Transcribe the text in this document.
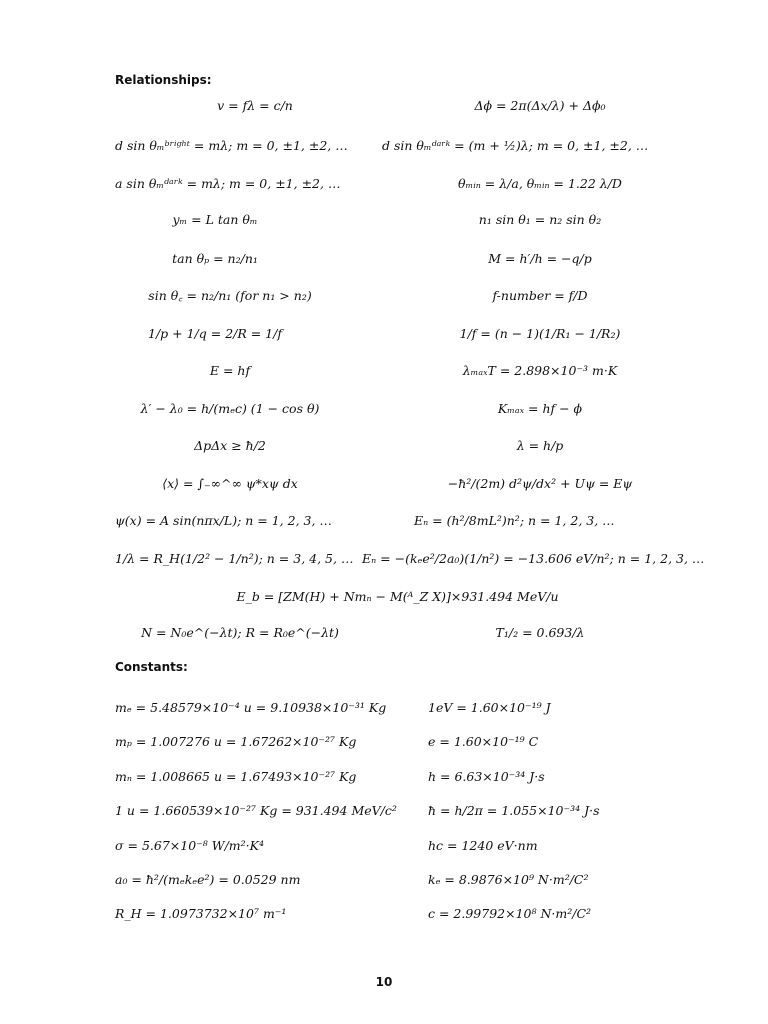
Relationships:
v = fλ = c/n	Δϕ = 2π(Δx/λ) + Δϕ₀
d sin θₘᵇʳⁱᵍʰᵗ = mλ; m = 0, ±1, ±2, …	d sin θₘᵈᵃʳᵏ = (m + ½)λ; m = 0, ±1, ±2, …
a sin θₘᵈᵃʳᵏ = mλ; m = 0, ±1, ±2, …	θₘᵢₙ = λ/a, θₘᵢₙ = 1.22 λ/D
yₘ = L tan θₘ	n₁ sin θ₁ = n₂ sin θ₂
tan θₚ = n₂/n₁	M = h′/h = −q/p
sin θ꜀ = n₂/n₁ (for n₁ > n₂)	f-number = f/D
1/p + 1/q = 2/R = 1/f	1/f = (n − 1)(1/R₁ − 1/R₂)
E = hf	λₘₐₓT = 2.898×10⁻³ m·K
λ′ − λ₀ = h/(mₑc) (1 − cos θ)	Kₘₐₓ = hf − ϕ
ΔpΔx ≥ ħ/2	λ = h/p
⟨x⟩ = ∫₋∞^∞ ψ*xψ dx	−ħ²/(2m) d²ψ/dx² + Uψ = Eψ
ψ(x) = A sin(nπx/L); n = 1, 2, 3, …	Eₙ = (h²/8mL²)n²; n = 1, 2, 3, …
1/λ = R_H(1/2² − 1/n²); n = 3, 4, 5, … Eₙ = −(kₑe²/2a₀)(1/n²) = −13.606 eV/n²; n = 1, 2, 3, …
E_b = [ZM(H) + Nmₙ − M(ᴬ_Z X)]×931.494 MeV/u
N = N₀e^(−λt); R = R₀e^(−λt)	T₁/₂ = 0.693/λ
Constants:
mₑ = 5.48579×10⁻⁴ u = 9.10938×10⁻³¹ Kg	1eV = 1.60×10⁻¹⁹ J
mₚ = 1.007276 u = 1.67262×10⁻²⁷ Kg	e = 1.60×10⁻¹⁹ C
mₙ = 1.008665 u = 1.67493×10⁻²⁷ Kg	h = 6.63×10⁻³⁴ J·s
1 u = 1.660539×10⁻²⁷ Kg = 931.494 MeV/c²	ħ = h/2π = 1.055×10⁻³⁴ J·s
σ = 5.67×10⁻⁸ W/m²·K⁴	hc = 1240 eV·nm
a₀ = ħ²/(mₑkₑe²) = 0.0529 nm	kₑ = 8.9876×10⁹ N·m²/C²
R_H = 1.0973732×10⁷ m⁻¹	c = 2.99792×10⁸ N·m²/C²
10
